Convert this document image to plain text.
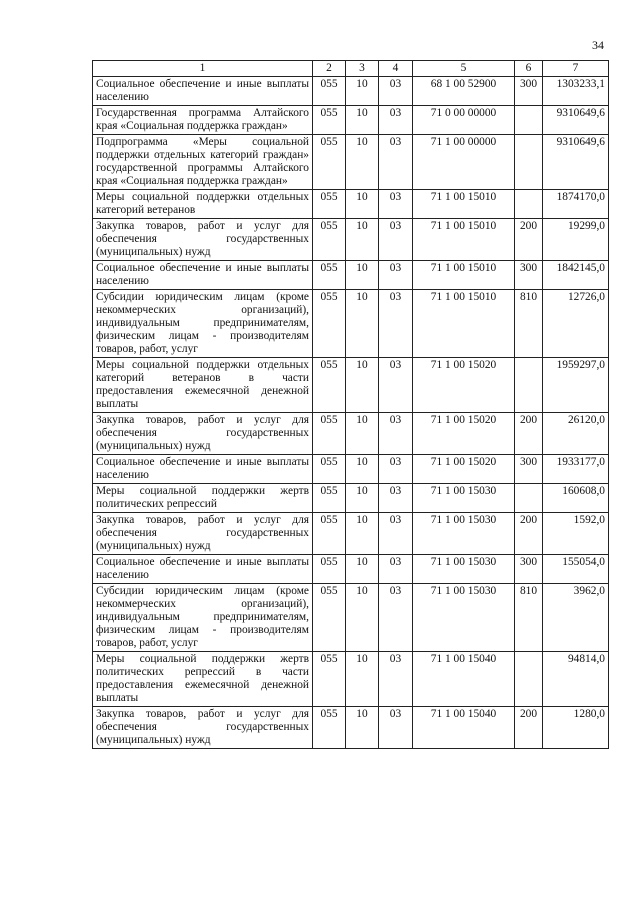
34
1	2	3	4	5	6	7
Социальное обеспечение и иные выплаты населению	055	10	03	68 1 00 52900	300	1303233,1
Государственная программа Алтайского края «Социальная поддержка граждан»	055	10	03	71 0 00 00000		9310649,6
Подпрограмма «Меры социальной поддержки отдельных категорий граждан» государственной программы Алтайского края «Социальная поддержка граждан»	055	10	03	71 1 00 00000		9310649,6
Меры социальной поддержки отдельных категорий ветеранов	055	10	03	71 1 00 15010		1874170,0
Закупка товаров, работ и услуг для обеспечения государственных (муниципальных) нужд	055	10	03	71 1 00 15010	200	19299,0
Социальное обеспечение и иные выплаты населению	055	10	03	71 1 00 15010	300	1842145,0
Субсидии юридическим лицам (кроме некоммерческих организаций), индивидуальным предпринимателям, физическим лицам - производителям товаров, работ, услуг	055	10	03	71 1 00 15010	810	12726,0
Меры социальной поддержки отдельных категорий ветеранов в части предоставления ежемесячной денежной выплаты	055	10	03	71 1 00 15020		1959297,0
Закупка товаров, работ и услуг для обеспечения государственных (муниципальных) нужд	055	10	03	71 1 00 15020	200	26120,0
Социальное обеспечение и иные выплаты населению	055	10	03	71 1 00 15020	300	1933177,0
Меры социальной поддержки жертв политических репрессий	055	10	03	71 1 00 15030		160608,0
Закупка товаров, работ и услуг для обеспечения государственных (муниципальных) нужд	055	10	03	71 1 00 15030	200	1592,0
Социальное обеспечение и иные выплаты населению	055	10	03	71 1 00 15030	300	155054,0
Субсидии юридическим лицам (кроме некоммерческих организаций), индивидуальным предпринимателям, физическим лицам - производителям товаров, работ, услуг	055	10	03	71 1 00 15030	810	3962,0
Меры социальной поддержки жертв политических репрессий в части предоставления ежемесячной денежной выплаты	055	10	03	71 1 00 15040		94814,0
Закупка товаров, работ и услуг для обеспечения государственных (муниципальных) нужд	055	10	03	71 1 00 15040	200	1280,0
